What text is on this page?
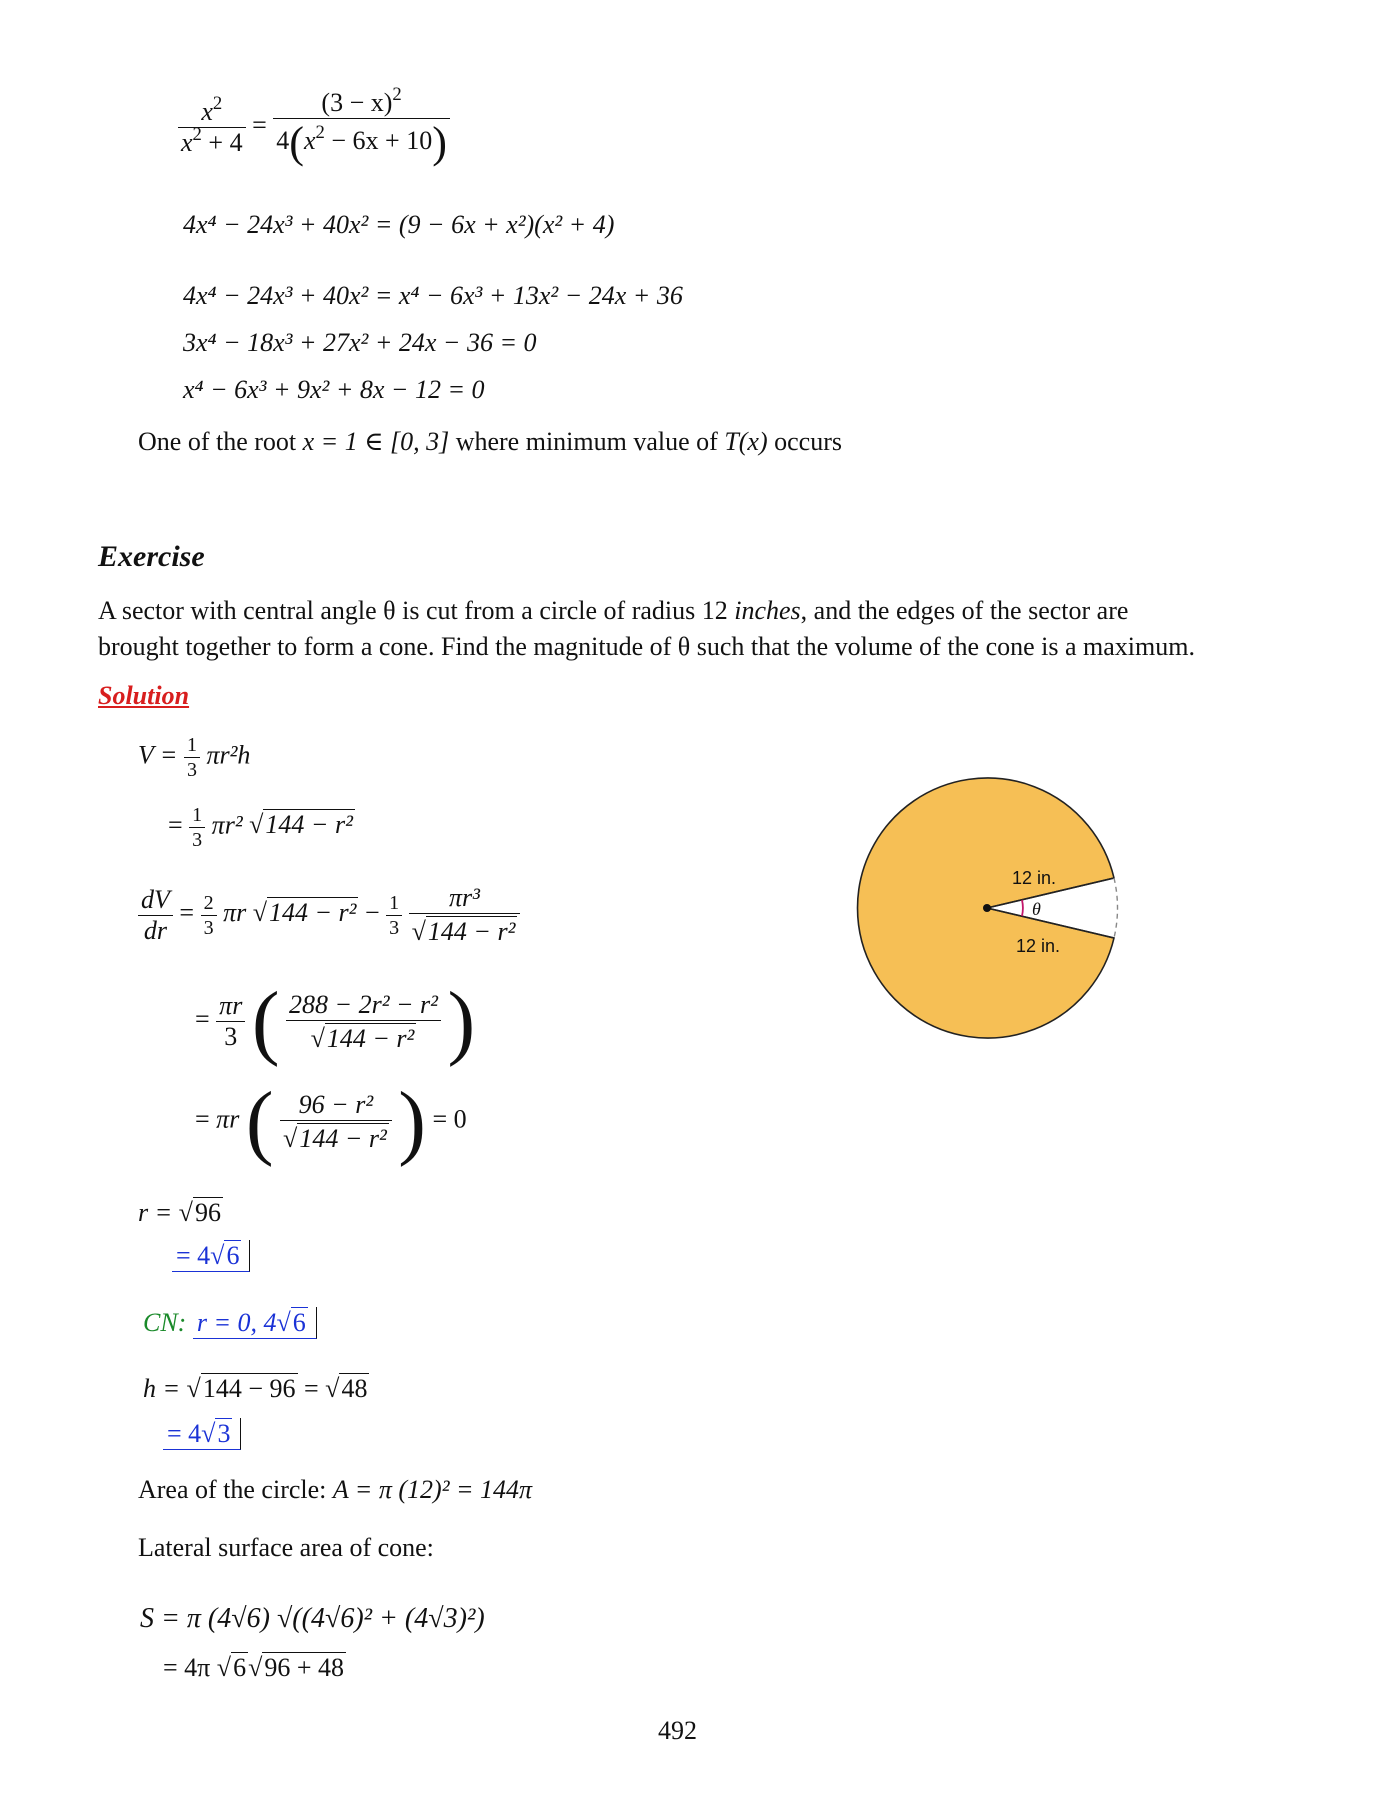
$\frac{x^2}{x^2 + 4} = \frac{(3 - x)^2}{4(x^2 - 6x + 10)}$
4x⁴ − 24x³ + 40x² = (9 − 6x + x²)(x² + 4)
4x⁴ − 24x³ + 40x² = x⁴ − 6x³ + 13x² − 24x + 36
3x⁴ − 18x³ + 27x² + 24x − 36 = 0
x⁴ − 6x³ + 9x² + 8x − 12 = 0
One of the root x = 1 ∈ [0, 3] where minimum value of T(x) occurs
Exercise
A sector with central angle θ is cut from a circle of radius 12 inches, and the edges of the sector are
brought together to form a cone. Find the magnitude of θ such that the volume of the cone is a maximum.
Solution
$V = \frac{1}{3} \pi r^2h$
= $\frac{1}{3} \pi r^2$ √144 − r²
$\frac{dV}{dr} = \frac{2}{3}$ πr $√144 - r^2 - \frac{1}{3}$
$\frac{\text{πr³}}{\text{√144 − r²}}$
= $\frac{\pi r}{3}$ ( $\frac{\text{288 − 2r² − r²}}{\text{√144 − r²}}$ )
= πr ( $\frac{\text{96 − r²}}{\text{√144 − r²}}$ ) = 0
r = √96
= 4√6
CN: r = 0, 4√6
h = √144 − 96 = √48
= 4√3
Area of the circle: A = π (12)² = 144π
Lateral surface area of cone:
S = π (4√6) √((4√6)² + (4√3)²)
= 4π √6√96 + 48
12 in.
θ
12 in.
492
